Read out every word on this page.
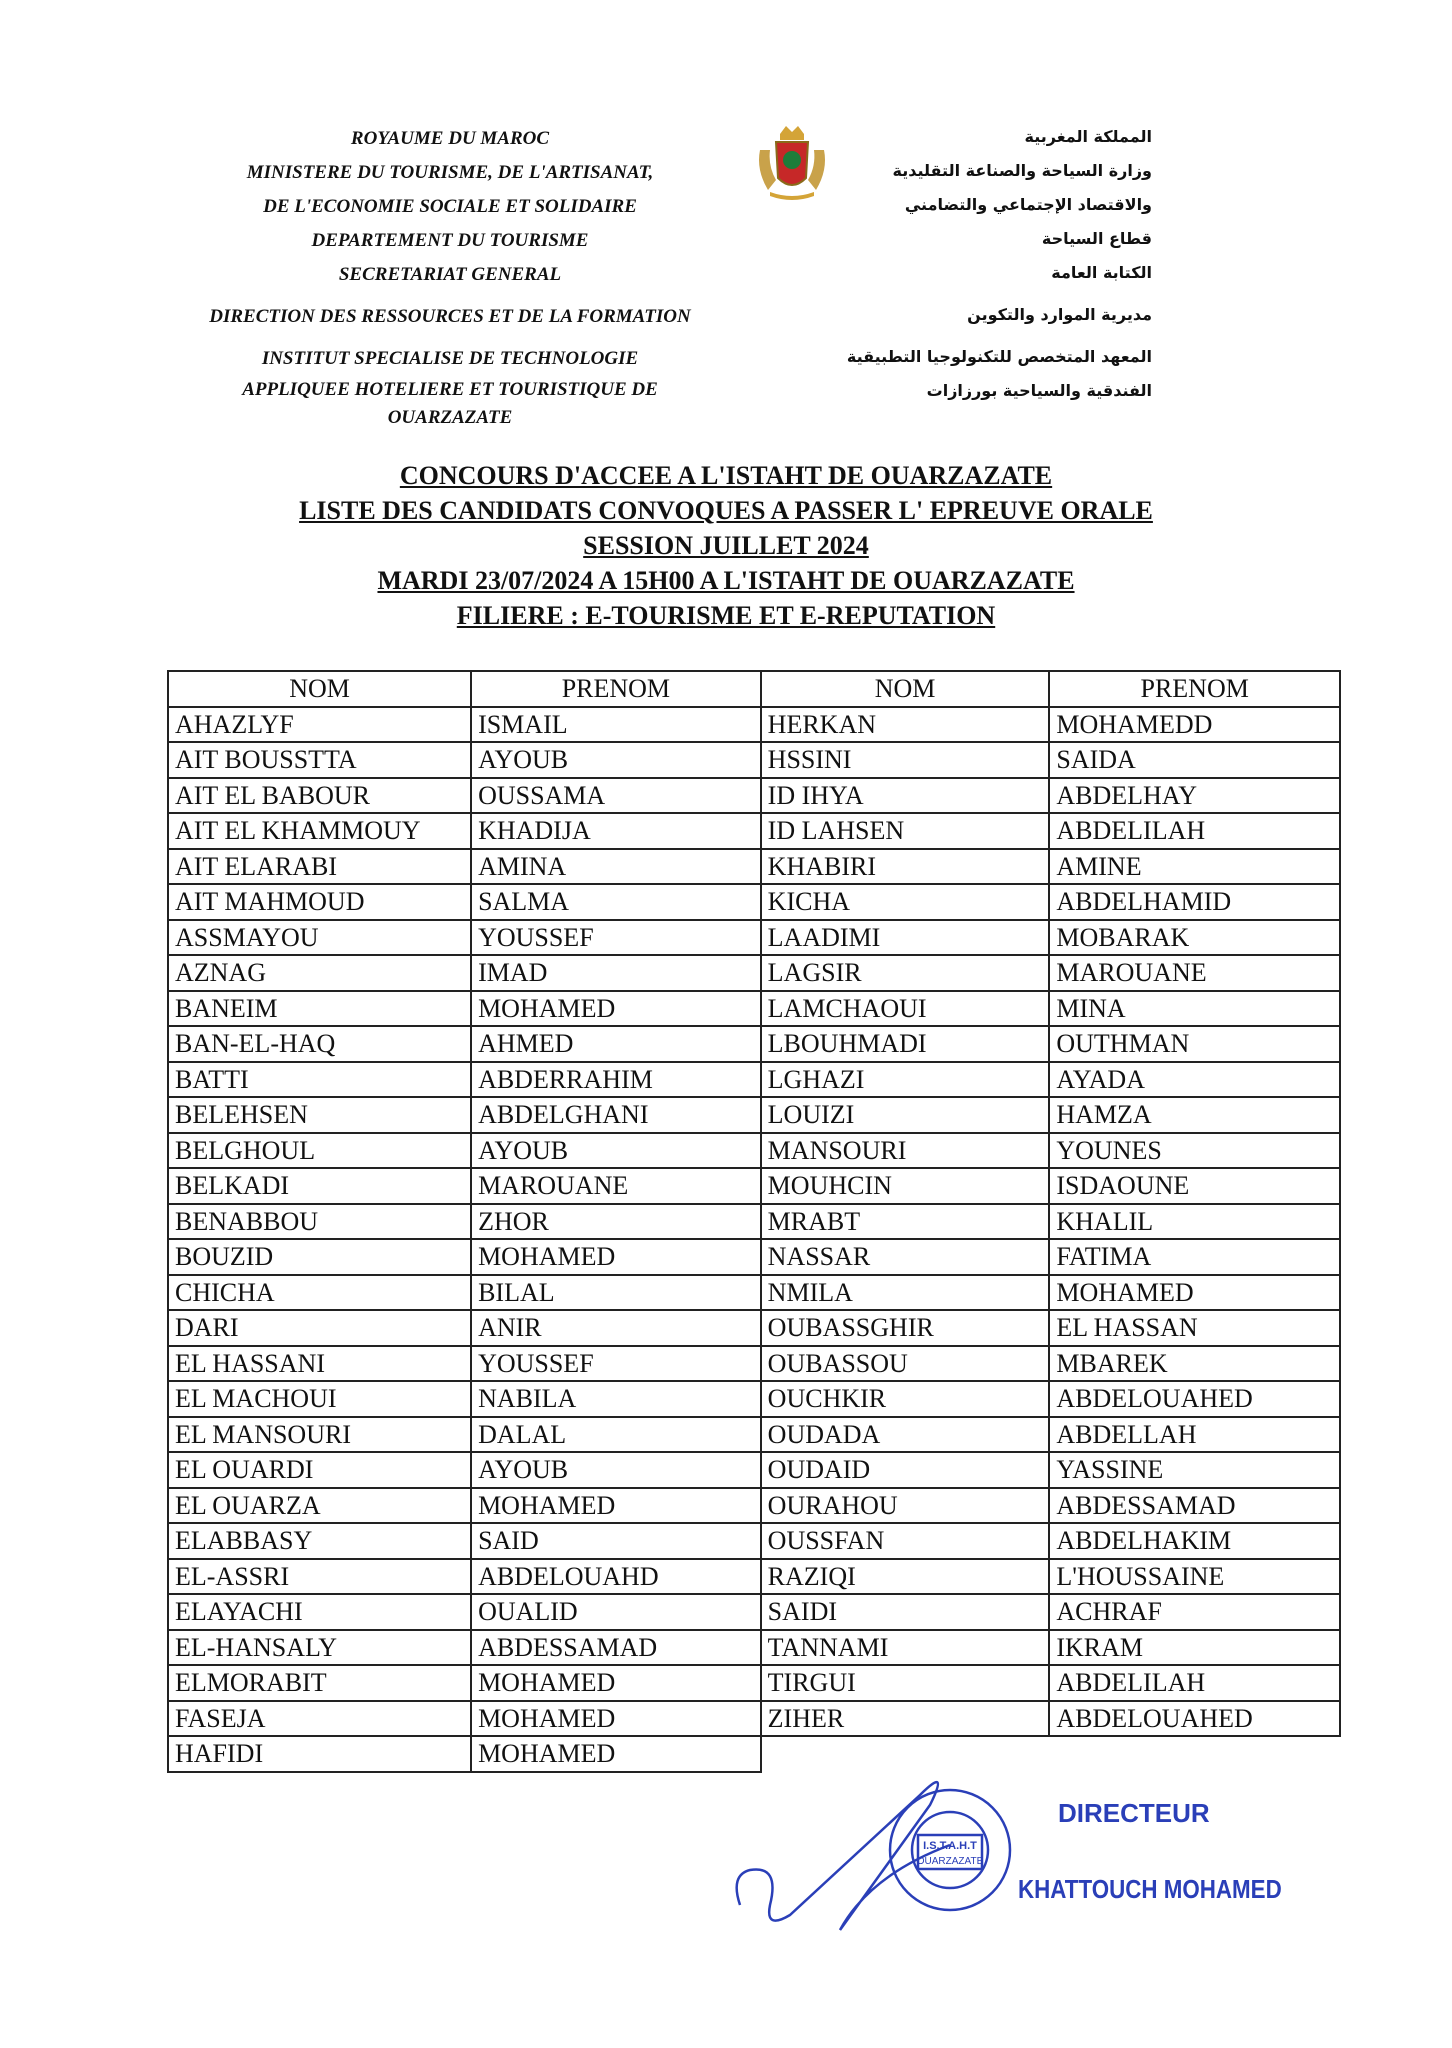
ROYAUME DU MAROC
MINISTERE DU TOURISME, DE L'ARTISANAT,
DE L'ECONOMIE SOCIALE ET SOLIDAIRE
DEPARTEMENT DU TOURISME
SECRETARIAT GENERAL
DIRECTION DES RESSOURCES ET DE LA FORMATION
INSTITUT SPECIALISE DE TECHNOLOGIE
APPLIQUEE HOTELIERE ET TOURISTIQUE DE
OUARZAZATE
المملكة المغربية
وزارة السياحة والصناعة التقليدية
والاقتصاد الإجتماعي والتضامني
قطاع السياحة
الكتابة العامة
مديرية الموارد والتكوين
المعهد المتخصص للتكنولوجيا التطبيقية
الفندقية والسياحية بورزازات
CONCOURS D'ACCEE A L'ISTAHT DE OUARZAZATE
LISTE DES CANDIDATS CONVOQUES A PASSER L' EPREUVE ORALE
SESSION JUILLET 2024
MARDI 23/07/2024 A 15H00 A L'ISTAHT DE OUARZAZATE
FILIERE : E-TOURISME ET E-REPUTATION
NOM	PRENOM	NOM	PRENOM
AHAZLYF	ISMAIL	HERKAN	MOHAMEDD
AIT BOUSSTTA	AYOUB	HSSINI	SAIDA
AIT EL BABOUR	OUSSAMA	ID IHYA	ABDELHAY
AIT EL KHAMMOUY	KHADIJA	ID LAHSEN	ABDELILAH
AIT ELARABI	AMINA	KHABIRI	AMINE
AIT MAHMOUD	SALMA	KICHA	ABDELHAMID
ASSMAYOU	YOUSSEF	LAADIMI	MOBARAK
AZNAG	IMAD	LAGSIR	MAROUANE
BANEIM	MOHAMED	LAMCHAOUI	MINA
BAN-EL-HAQ	AHMED	LBOUHMADI	OUTHMAN
BATTI	ABDERRAHIM	LGHAZI	AYADA
BELEHSEN	ABDELGHANI	LOUIZI	HAMZA
BELGHOUL	AYOUB	MANSOURI	YOUNES
BELKADI	MAROUANE	MOUHCIN	ISDAOUNE
BENABBOU	ZHOR	MRABT	KHALIL
BOUZID	MOHAMED	NASSAR	FATIMA
CHICHA	BILAL	NMILA	MOHAMED
DARI	ANIR	OUBASSGHIR	EL HASSAN
EL HASSANI	YOUSSEF	OUBASSOU	MBAREK
EL MACHOUI	NABILA	OUCHKIR	ABDELOUAHED
EL MANSOURI	DALAL	OUDADA	ABDELLAH
EL OUARDI	AYOUB	OUDAID	YASSINE
EL OUARZA	MOHAMED	OURAHOU	ABDESSAMAD
ELABBASY	SAID	OUSSFAN	ABDELHAKIM
EL-ASSRI	ABDELOUAHD	RAZIQI	L'HOUSSAINE
ELAYACHI	OUALID	SAIDI	ACHRAF
EL-HANSALY	ABDESSAMAD	TANNAMI	IKRAM
ELMORABIT	MOHAMED	TIRGUI	ABDELILAH
FASEJA	MOHAMED	ZIHER	ABDELOUAHED
HAFIDI	MOHAMED		
I.S.T.A.H.T
OUARZAZATE
DIRECTEUR
KHATTOUCH MOHAMED
